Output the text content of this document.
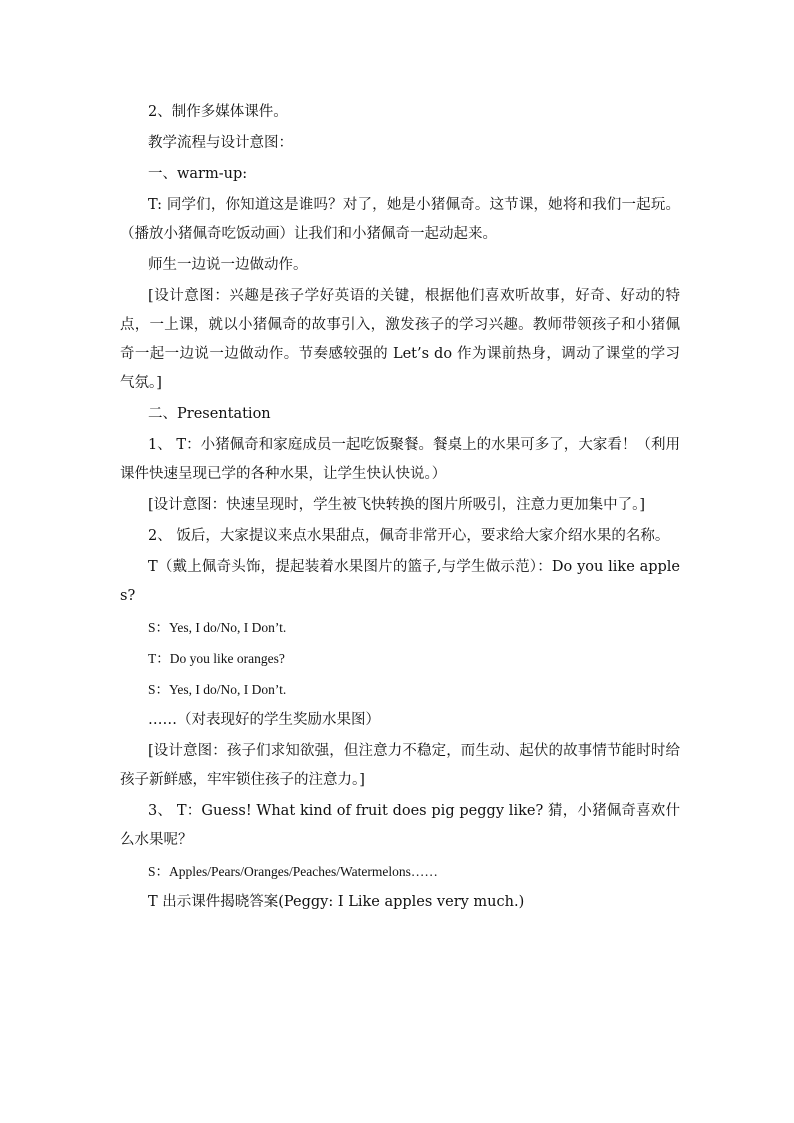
2、制作多媒体课件。

教学流程与设计意图：

一、warm-up:

T: 同学们，你知道这是谁吗？对了，她是小猪佩奇。这节课，她将和我们一起玩。（播放小猪佩奇吃饭动画）让我们和小猪佩奇一起动起来。

师生一边说一边做动作。

[设计意图：兴趣是孩子学好英语的关键，根据他们喜欢听故事，好奇、好动的特点，一上课，就以小猪佩奇的故事引入，激发孩子的学习兴趣。教师带领孩子和小猪佩奇一起一边说一边做动作。节奏感较强的 Let’s do 作为课前热身，调动了课堂的学习气氛。]

二、Presentation

1、 T：小猪佩奇和家庭成员一起吃饭聚餐。餐桌上的水果可多了，大家看！（利用课件快速呈现已学的各种水果，让学生快认快说。）

[设计意图：快速呈现时，学生被飞快转换的图片所吸引，注意力更加集中了。]

2、 饭后，大家提议来点水果甜点，佩奇非常开心，要求给大家介绍水果的名称。

T（戴上佩奇头饰，提起装着水果图片的篮子,与学生做示范）：Do you like apples?

S：Yes, I do/No, I Don’t.

T：Do you like oranges?

S：Yes, I do/No, I Don’t.

……（对表现好的学生奖励水果图）

[设计意图：孩子们求知欲强，但注意力不稳定，而生动、起伏的故事情节能时时给孩子新鲜感，牢牢锁住孩子的注意力。]

3、 T：Guess! What kind of fruit does pig peggy like? 猜，小猪佩奇喜欢什么水果呢？

S：Apples/Pears/Oranges/Peaches/Watermelons……

T 出示课件揭晓答案(Peggy: I Like apples very much.)
